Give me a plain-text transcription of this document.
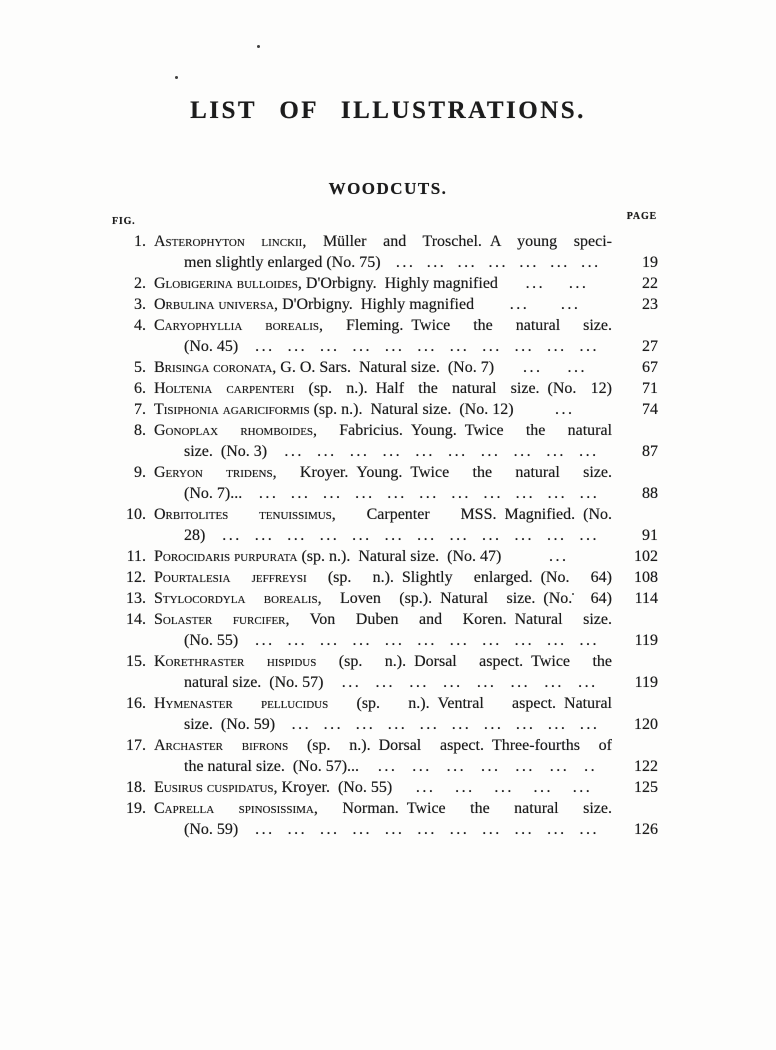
LIST OF ILLUSTRATIONS.
WOODCUTS.
FIG.	PAGE
1. Asterophyton linckii, Müller and Troschel. A young speci-
men slightly enlarged (No. 75) ... ... ... ... ... ... ...	19
2. Globigerina bulloides, D'Orbigny. Highly magnified ... ...	22
3. Orbulina universa, D'Orbigny. Highly magnified ... ...	23
4. Caryophyllia borealis, Fleming. Twice the natural size.
(No. 45) ... ... ... ... ... ... ... ... ... ... ...	27
5. Brisinga coronata, G. O. Sars. Natural size. (No. 7) ... ...	67
6. Holtenia carpenteri (sp. n.). Half the natural size. (No. 12)	71
7. Tisiphonia agariciformis (sp. n.). Natural size. (No. 12)	...	74
8. Gonoplax rhomboides, Fabricius. Young. Twice the natural
size. (No. 3) ... ... ... ... ... ... ... ... ... ...	87
9. Geryon tridens, Kroyer. Young. Twice the natural size.
(No. 7)... ... ... ... ... ... ... ... ... ... ... ...	88
10. Orbitolites tenuissimus, Carpenter MSS. Magnified. (No.
28) ... ... ... ... ... ... ... ... ... ... ... ...	91
11. Porocidaris purpurata (sp. n.). Natural size. (No. 47)	...	102
12. Pourtalesia jeffreysi (sp. n.). Slightly enlarged. (No. 64)	108
13. Stylocordyla borealis, Loven (sp.). Natural size. (No. 64)	114
14. Solaster furcifer, Von Duben and Koren. Natural size.
(No. 55) ... ... ... ... ... ... ... ... ... ... ...	119
15. Korethraster hispidus (sp. n.). Dorsal aspect. Twice the
natural size. (No. 57) ... ... ... ... ... ... ... ...	119
16. Hymenaster pellucidus (sp. n.). Ventral aspect. Natural
size. (No. 59) ... ... ... ... ... ... ... ... ... ...	120
17. Archaster bifrons (sp. n.). Dorsal aspect. Three-fourths of
the natural size. (No. 57)... ... ... ... ... ... ... ..	122
18. Eusirus cuspidatus, Kroyer. (No. 55) ... ... ... ... ...	125
19. Caprella spinosissima, Norman. Twice the natural size.
(No. 59) ... ... ... ... ... ... ... ... ... ... ...	126
